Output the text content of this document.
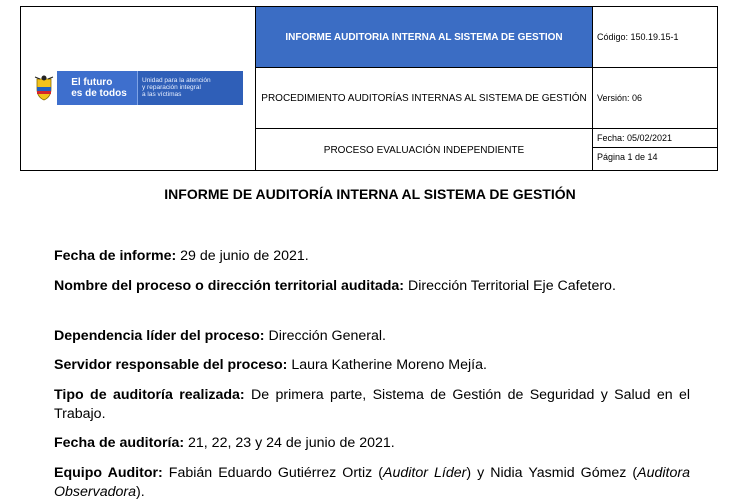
El futuro
es de todos
Unidad para la atención
y reparación integral
a las víctimas	INFORME AUDITORIA INTERNA AL SISTEMA DE GESTION	Código: 150.19.15-1
	PROCEDIMIENTO AUDITORÍAS INTERNAS AL SISTEMA DE GESTIÓN	Versión: 06
	PROCESO EVALUACIÓN INDEPENDIENTE	Fecha: 05/02/2021
Página 1 de 14
INFORME DE AUDITORÍA INTERNA AL SISTEMA DE GESTIÓN
Fecha de informe: 29 de junio de 2021.
Nombre del proceso o dirección territorial auditada: Dirección Territorial Eje Cafetero.
Dependencia líder del proceso: Dirección General.
Servidor responsable del proceso: Laura Katherine Moreno Mejía.
Tipo de auditoría realizada: De primera parte, Sistema de Gestión de Seguridad y Salud en el Trabajo.
Fecha de auditoría: 21, 22, 23 y 24 de junio de 2021.
Equipo Auditor: Fabián Eduardo Gutiérrez Ortiz (Auditor Líder) y Nidia Yasmid Gómez (Auditora Observadora).
